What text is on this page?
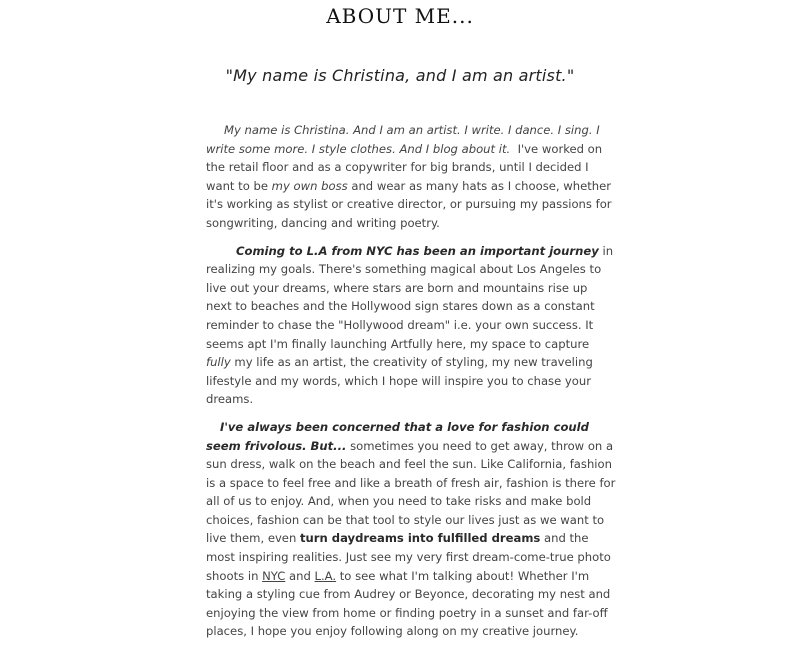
ABOUT ME...
"My name is Christina, and I am an artist."

My name is Christina. And I am an artist. I write. I dance. I sing. I write some more. I style clothes. And I blog about it. I've worked on the retail floor and as a copywriter for big brands, until I decided I want to be my own boss and wear as many hats as I choose, whether it's working as stylist or creative director, or pursuing my passions for songwriting, dancing and writing poetry.

Coming to L.A from NYC has been an important journey in realizing my goals. There's something magical about Los Angeles to live out your dreams, where stars are born and mountains rise up next to beaches and the Hollywood sign stares down as a constant reminder to chase the "Hollywood dream" i.e. your own success. It seems apt I'm finally launching Artfully here, my space to capture fully my life as an artist, the creativity of styling, my new traveling lifestyle and my words, which I hope will inspire you to chase your dreams.

I've always been concerned that a love for fashion could seem frivolous. But... sometimes you need to get away, throw on a sun dress, walk on the beach and feel the sun. Like California, fashion is a space to feel free and like a breath of fresh air, fashion is there for all of us to enjoy. And, when you need to take risks and make bold choices, fashion can be that tool to style our lives just as we want to live them, even turn daydreams into fulfilled dreams and the most inspiring realities. Just see my very first dream-come-true photo shoots in NYC and L.A. to see what I'm talking about! Whether I'm taking a styling cue from Audrey or Beyonce, decorating my nest and enjoying the view from home or finding poetry in a sunset and far-off places, I hope you enjoy following along on my creative journey.
